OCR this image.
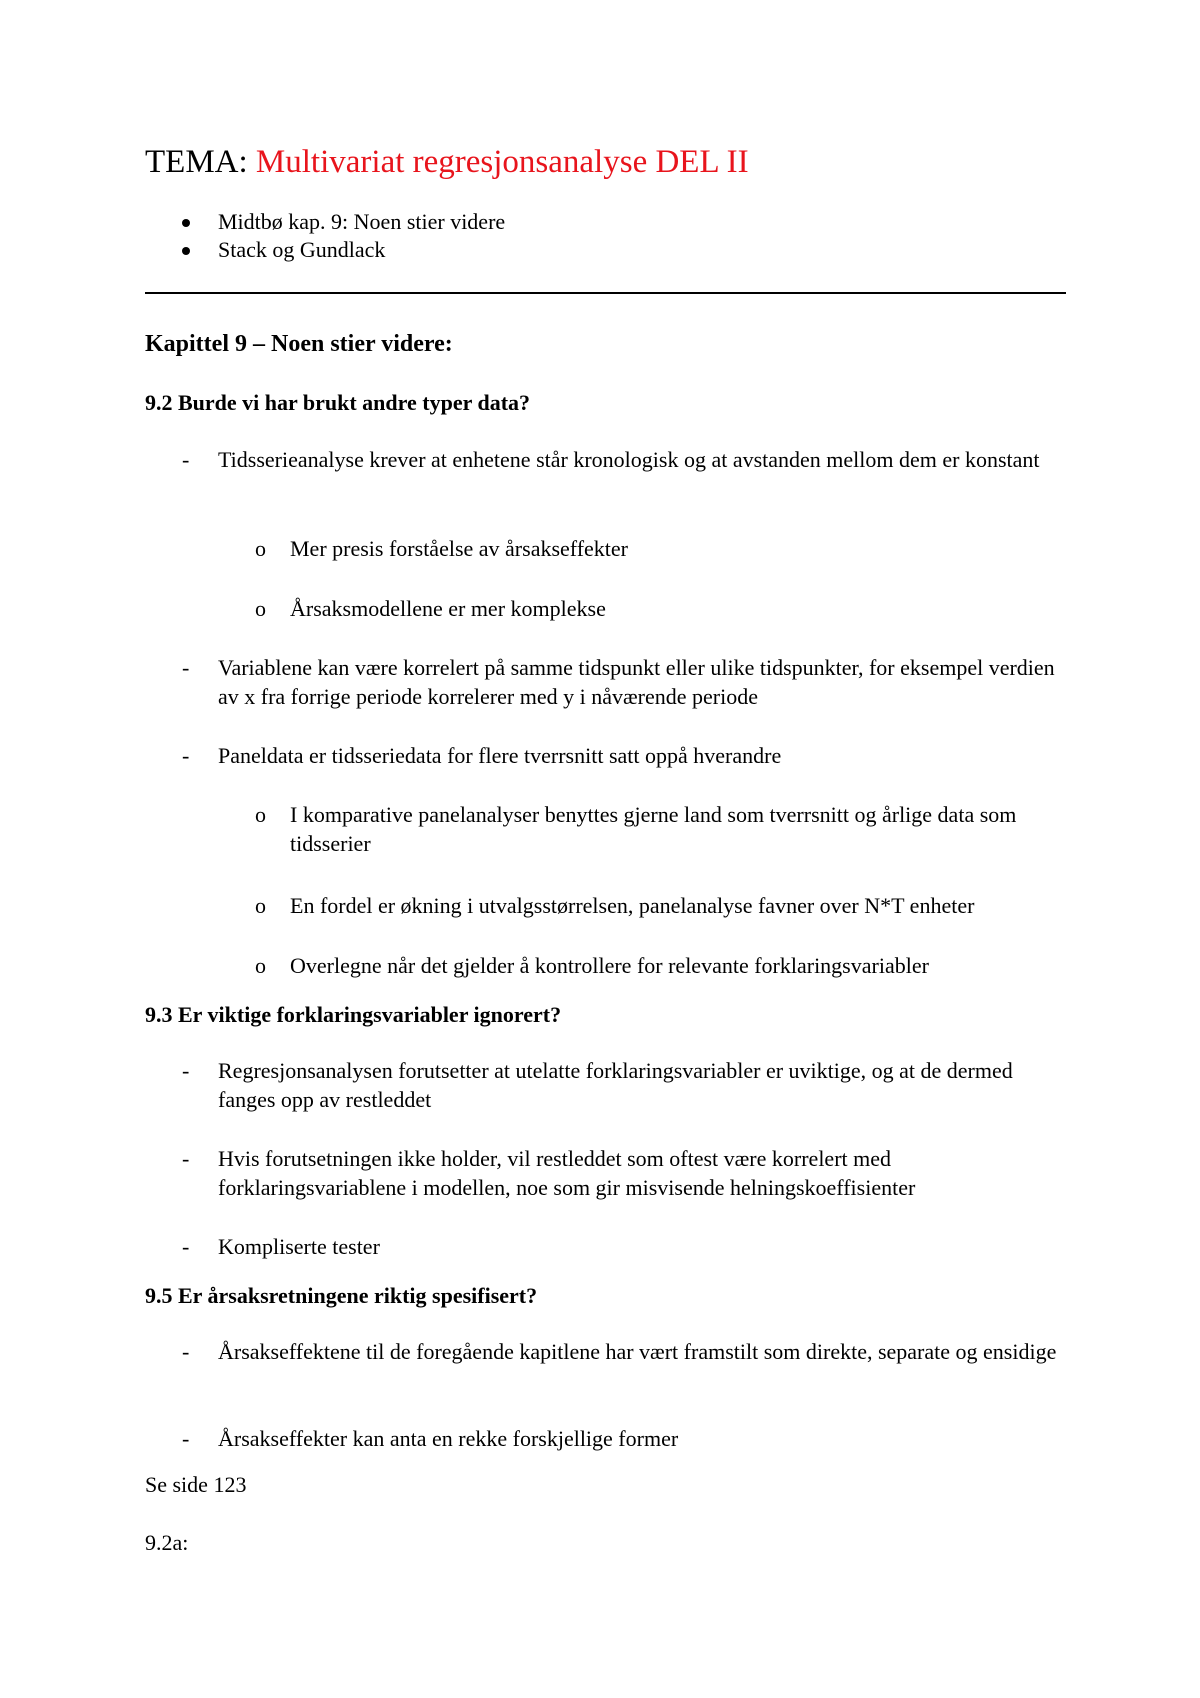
TEMA: Multivariat regresjonsanalyse DEL II
Midtbø kap. 9: Noen stier videre
Stack og Gundlack
Kapittel 9 – Noen stier videre:
9.2 Burde vi har brukt andre typer data?
- Tidsserieanalyse krever at enhetene står kronologisk og at avstanden mellom dem er konstant
o Mer presis forståelse av årsakseffekter
o Årsaksmodellene er mer komplekse
- Variablene kan være korrelert på samme tidspunkt eller ulike tidspunkter, for eksempel verdien av x fra forrige periode korrelerer med y i nåværende periode
- Paneldata er tidsseriedata for flere tverrsnitt satt oppå hverandre
o I komparative panelanalyser benyttes gjerne land som tverrsnitt og årlige data som tidsserier
o En fordel er økning i utvalgsstørrelsen, panelanalyse favner over N*T enheter
o Overlegne når det gjelder å kontrollere for relevante forklaringsvariabler
9.3 Er viktige forklaringsvariabler ignorert?
- Regresjonsanalysen forutsetter at utelatte forklaringsvariabler er uviktige, og at de dermed fanges opp av restleddet
- Hvis forutsetningen ikke holder, vil restleddet som oftest være korrelert med forklaringsvariablene i modellen, noe som gir misvisende helningskoeffisienter
- Kompliserte tester
9.5 Er årsaksretningene riktig spesifisert?
- Årsakseffektene til de foregående kapitlene har vært framstilt som direkte, separate og ensidige
- Årsakseffekter kan anta en rekke forskjellige former
Se side 123
9.2a:
